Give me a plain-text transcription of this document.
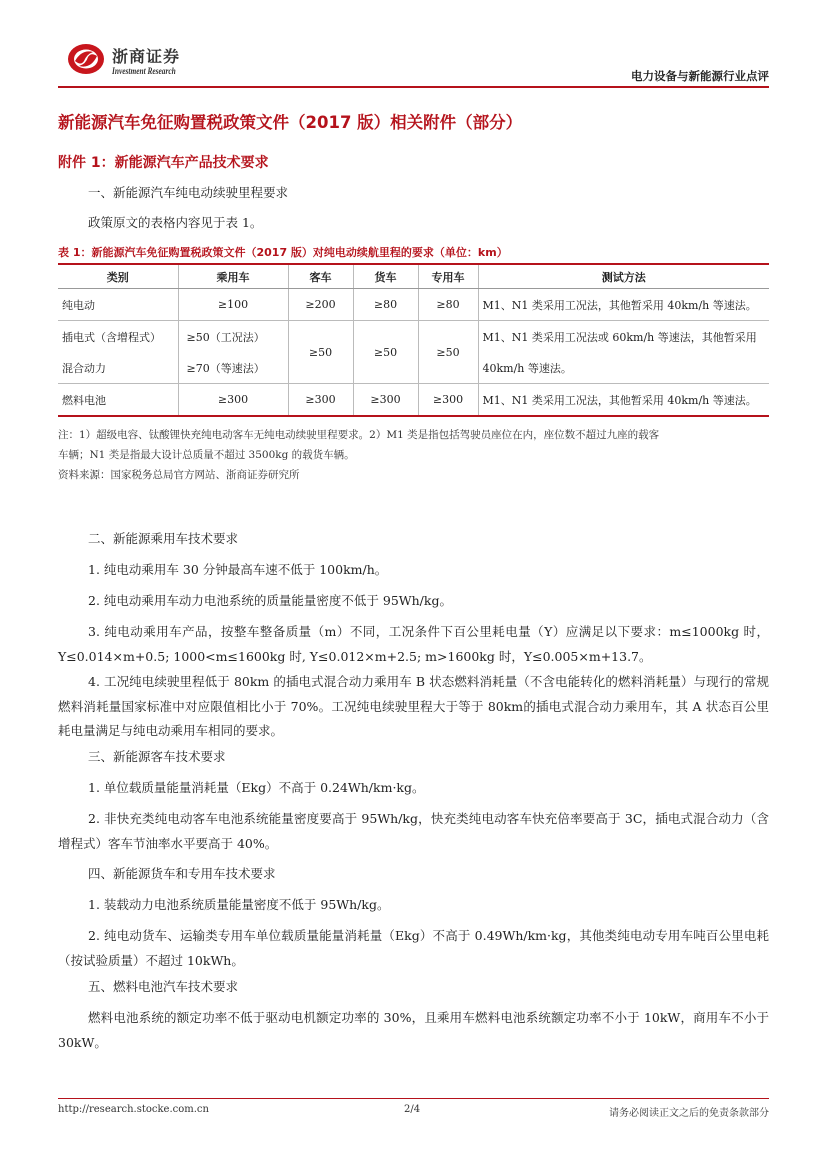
浙商证券
Investment Research	电力设备与新能源行业点评
新能源汽车免征购置税政策文件（2017 版）相关附件（部分）
附件 1：新能源汽车产品技术要求
一、新能源汽车纯电动续驶里程要求
政策原文的表格内容见于表 1。
表 1：新能源汽车免征购置税政策文件（2017 版）对纯电动续航里程的要求（单位：km）
类别	乘用车	客车	货车	专用车	测试方法
纯电动	≥100	≥200	≥80	≥80	M1、N1 类采用工况法，其他暂采用 40km/h 等速法。
插电式（含增程式）	≥50（工况法）	≥50	≥50	≥50	M1、N1 类采用工况法或 60km/h 等速法，其他暂采用
混合动力	≥70（等速法）				40km/h 等速法。
燃料电池	≥300	≥300	≥300	≥300	M1、N1 类采用工况法，其他暂采用 40km/h 等速法。
注：1）超级电容、钛酸锂快充纯电动客车无纯电动续驶里程要求。2）M1 类是指包括驾驶员座位在内，座位数不超过九座的载客
车辆；N1 类是指最大设计总质量不超过 3500kg 的载货车辆。
资料来源：国家税务总局官方网站、浙商证券研究所
二、新能源乘用车技术要求
1. 纯电动乘用车 30 分钟最高车速不低于 100km/h。
2. 纯电动乘用车动力电池系统的质量能量密度不低于 95Wh/kg。
3. 纯电动乘用车产品，按整车整备质量（m）不同，工况条件下百公里耗电量（Y）应满足以下要求：m≤1000kg 时，Y≤0.014×m+0.5; 1000<m≤1600kg 时, Y≤0.012×m+2.5; m>1600kg 时，Y≤0.005×m+13.7。
4. 工况纯电续驶里程低于 80km 的插电式混合动力乘用车 B 状态燃料消耗量（不含电能转化的燃料消耗量）与现行的常规燃料消耗量国家标准中对应限值相比小于 70%。工况纯电续驶里程大于等于 80km的插电式混合动力乘用车，其 A 状态百公里耗电量满足与纯电动乘用车相同的要求。
三、新能源客车技术要求
1. 单位载质量能量消耗量（Ekg）不高于 0.24Wh/km·kg。
2. 非快充类纯电动客车电池系统能量密度要高于 95Wh/kg，快充类纯电动客车快充倍率要高于 3C，插电式混合动力（含增程式）客车节油率水平要高于 40%。
四、新能源货车和专用车技术要求
1. 装载动力电池系统质量能量密度不低于 95Wh/kg。
2. 纯电动货车、运输类专用车单位载质量能量消耗量（Ekg）不高于 0.49Wh/km·kg，其他类纯电动专用车吨百公里电耗（按试验质量）不超过 10kWh。
五、燃料电池汽车技术要求
燃料电池系统的额定功率不低于驱动电机额定功率的 30%，且乘用车燃料电池系统额定功率不小于 10kW，商用车不小于 30kW。
http://research.stocke.com.cn	2/4	请务必阅读正文之后的免责条款部分
